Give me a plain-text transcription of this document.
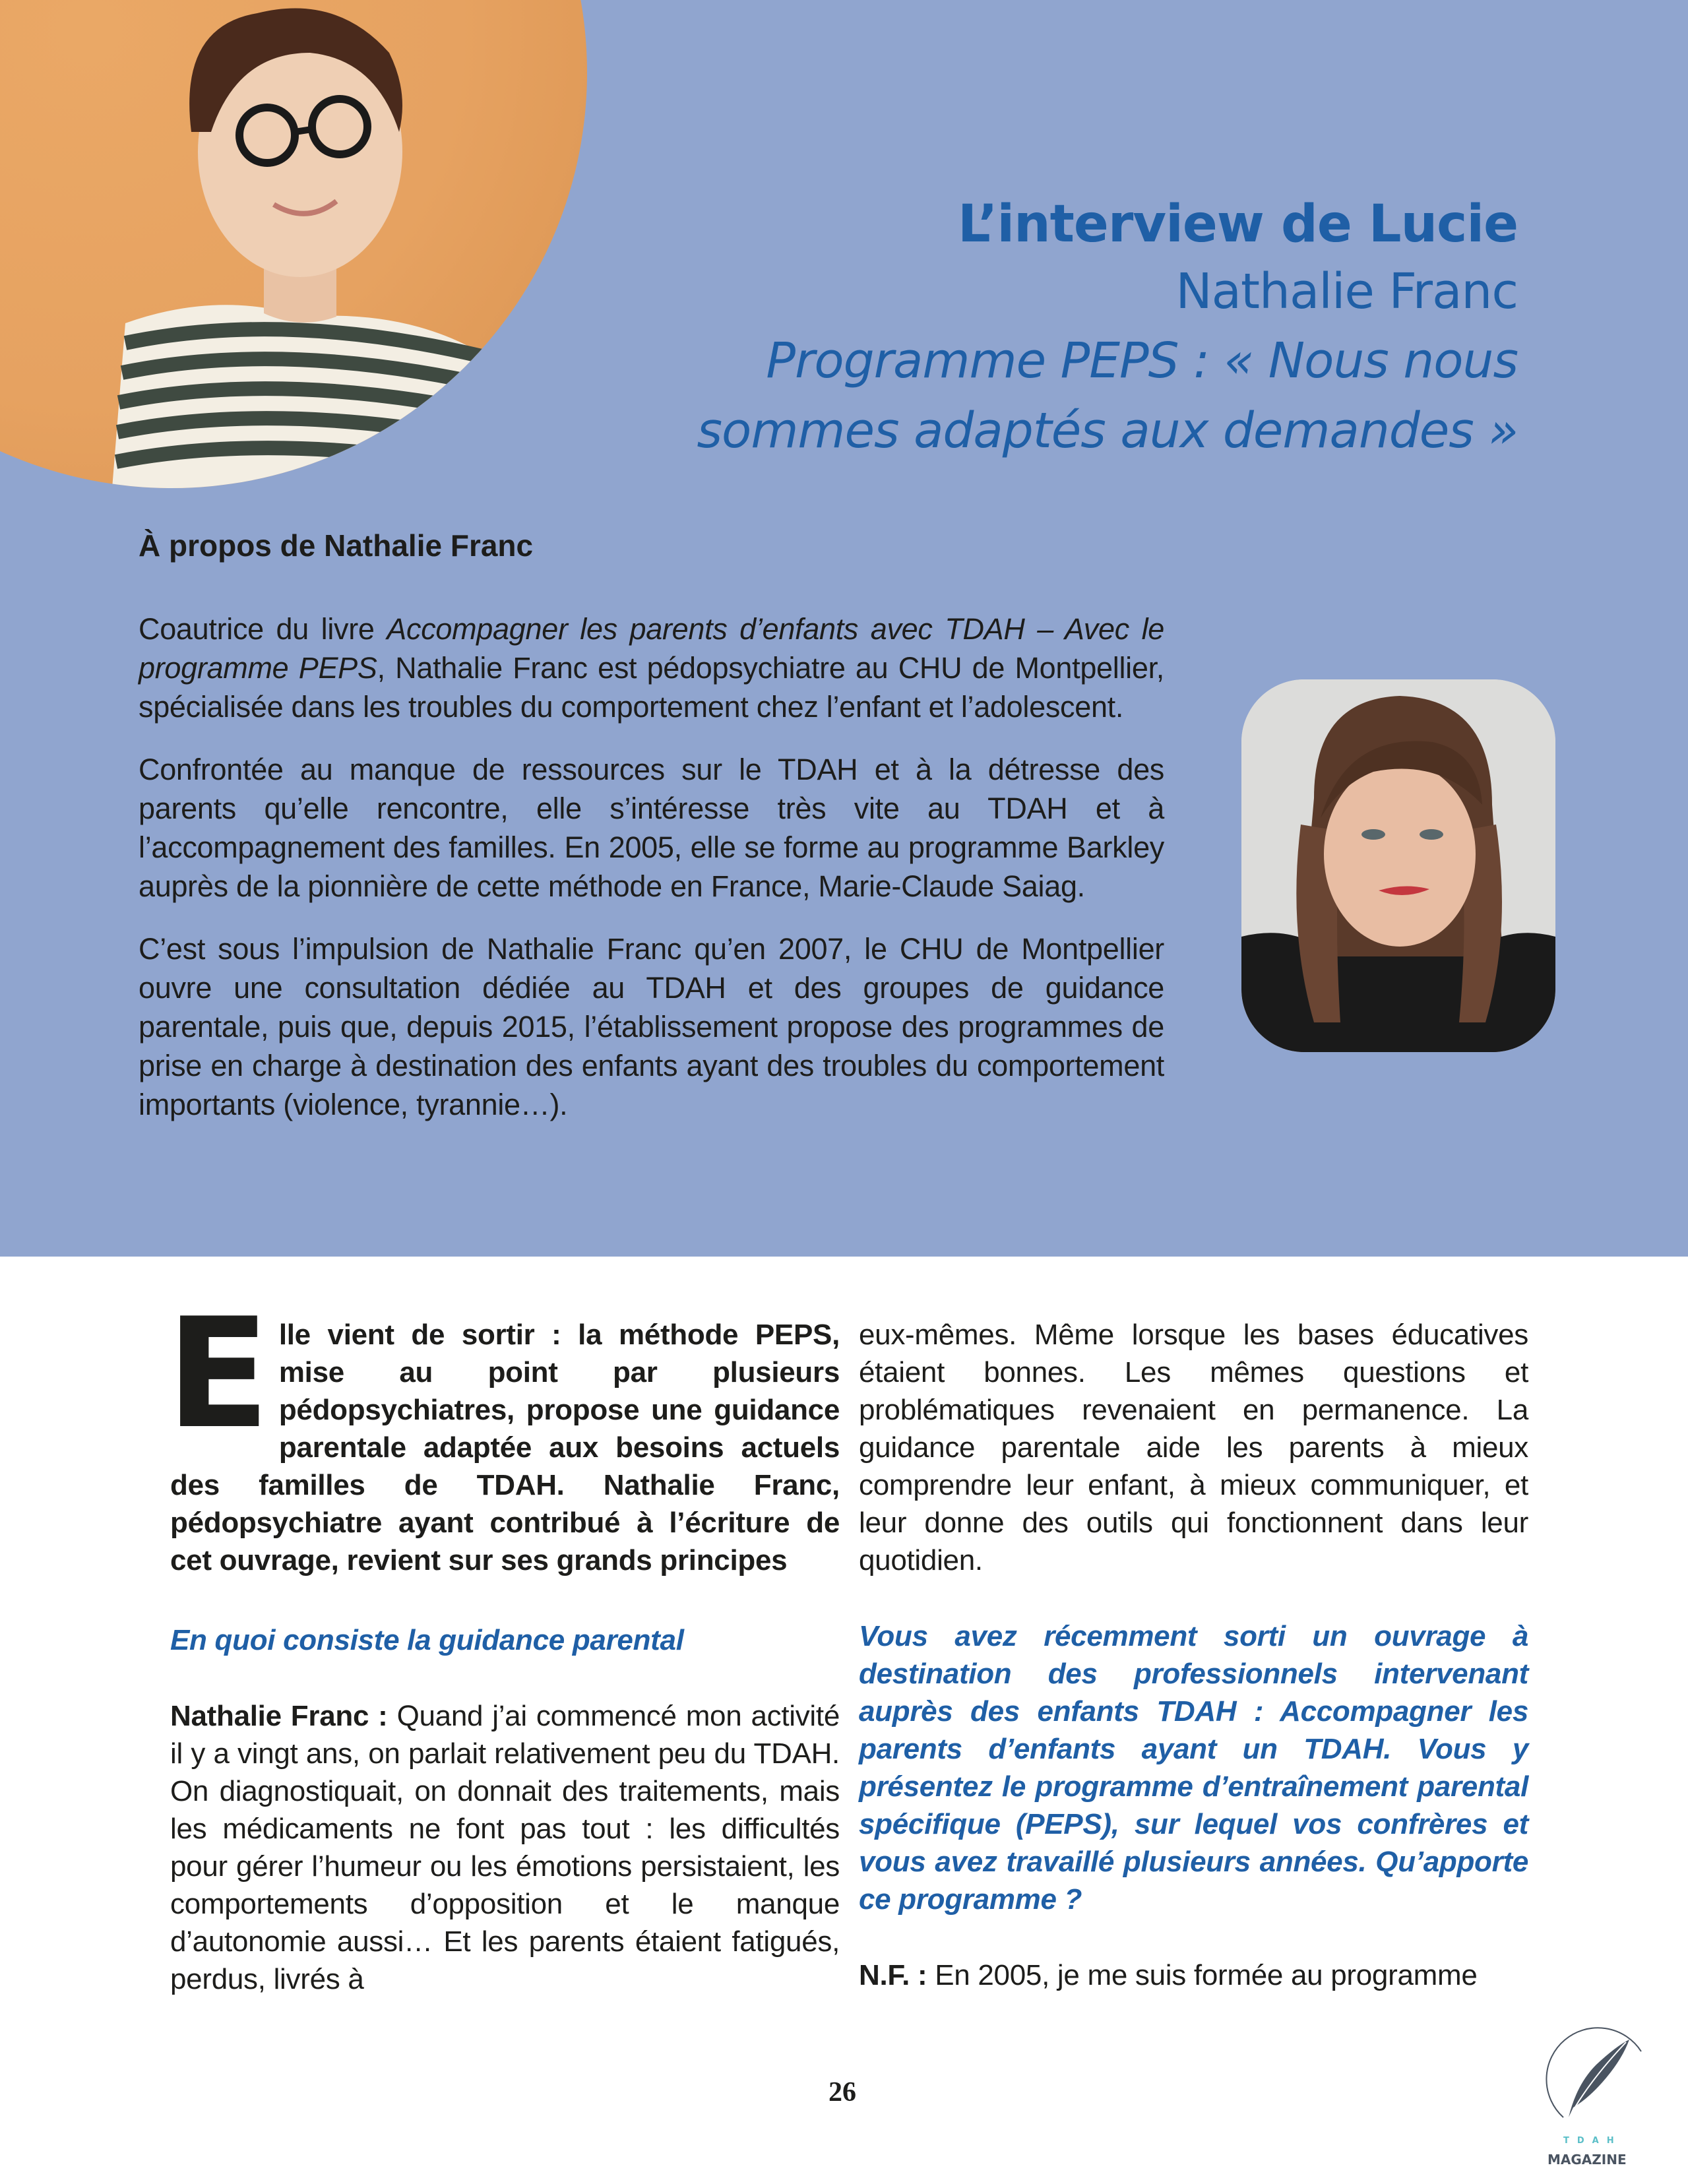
L’interview de Lucie
Nathalie Franc
Programme PEPS : « Nous nous
sommes adaptés aux demandes »
À propos de Nathalie Franc

Coautrice du livre Accompagner les parents d’enfants avec TDAH – Avec le programme PEPS, Nathalie Franc est pédopsychiatre au CHU de Montpellier, spécialisée dans les troubles du comportement chez l’enfant et l’adolescent.

Confrontée au manque de ressources sur le TDAH et à la détresse des parents qu’elle rencontre, elle s’intéresse très vite au TDAH et à l’accompagnement des familles. En 2005, elle se forme au programme Barkley auprès de la pionnière de cette méthode en France, Marie-Claude Saiag.

C’est sous l’impulsion de Nathalie Franc qu’en 2007, le CHU de Montpellier ouvre une consultation dédiée au TDAH et des groupes de guidance parentale, puis que, depuis 2015, l’établissement propose des programmes de prise en charge à destination des enfants ayant des troubles du comportement importants (violence, tyrannie…).

Elle vient de sortir : la méthode PEPS, mise au point par plusieurs pédopsychiatres, propose une guidance parentale adaptée aux besoins actuels des familles de TDAH. Nathalie Franc, pédopsychiatre ayant contribué à l’écriture de cet ouvrage, revient sur ses grands principes

En quoi consiste la guidance parental

Nathalie Franc : Quand j’ai commencé mon activité il y a vingt ans, on parlait relativement peu du TDAH. On diagnostiquait, on donnait des traitements, mais les médicaments ne font pas tout : les difficultés pour gérer l’humeur ou les émotions persistaient, les comportements d’opposition et le manque d’autonomie aussi… Et les parents étaient fatigués, perdus, livrés à

eux-mêmes. Même lorsque les bases éducatives étaient bonnes. Les mêmes questions et problématiques revenaient en permanence. La guidance parentale aide les parents à mieux comprendre leur enfant, à mieux communiquer, et leur donne des outils qui fonctionnent dans leur quotidien.

Vous avez récemment sorti un ouvrage à destination des professionnels intervenant auprès des enfants TDAH : Accompagner les parents d’enfants ayant un TDAH. Vous y présentez le programme d’entraînement parental spécifique (PEPS), sur lequel vos confrères et vous avez travaillé plusieurs années. Qu’apporte ce programme ?

N.F. : En 2005, je me suis formée au programme

26
TDAH
MAGAZINE
